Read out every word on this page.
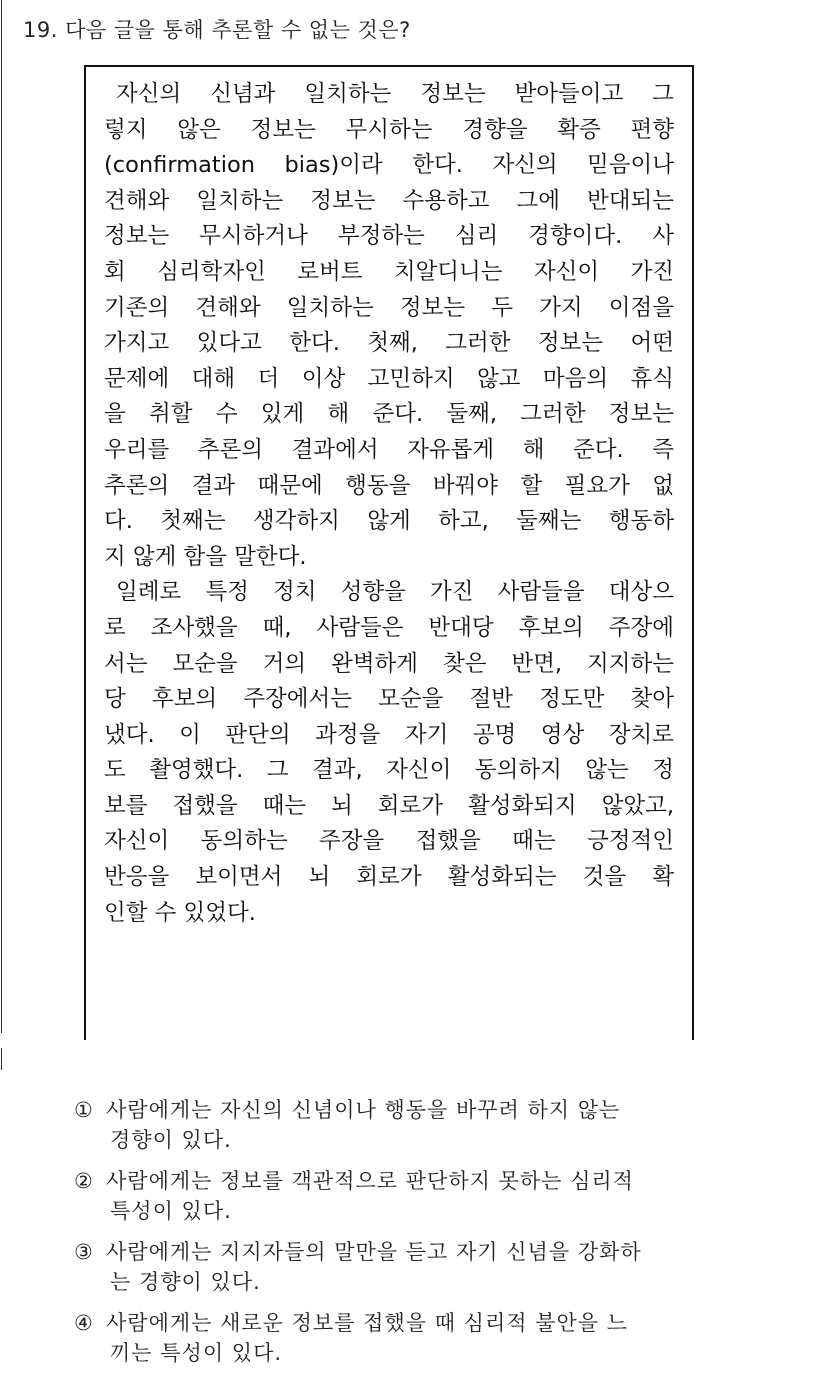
19. 다음 글을 통해 추론할 수 없는 것은?
자신의 신념과 일치하는 정보는 받아들이고 그
렇지 않은 정보는 무시하는 경향을 확증 편향
(confirmation bias)이라 한다. 자신의 믿음이나
견해와 일치하는 정보는 수용하고 그에 반대되는
정보는 무시하거나 부정하는 심리 경향이다. 사
회 심리학자인 로버트 치알디니는 자신이 가진
기존의 견해와 일치하는 정보는 두 가지 이점을
가지고 있다고 한다. 첫째, 그러한 정보는 어떤
문제에 대해 더 이상 고민하지 않고 마음의 휴식
을 취할 수 있게 해 준다. 둘째, 그러한 정보는
우리를 추론의 결과에서 자유롭게 해 준다. 즉
추론의 결과 때문에 행동을 바꿔야 할 필요가 없
다. 첫째는 생각하지 않게 하고, 둘째는 행동하
지 않게 함을 말한다.
일례로 특정 정치 성향을 가진 사람들을 대상으
로 조사했을 때, 사람들은 반대당 후보의 주장에
서는 모순을 거의 완벽하게 찾은 반면, 지지하는
당 후보의 주장에서는 모순을 절반 정도만 찾아
냈다. 이 판단의 과정을 자기 공명 영상 장치로
도 촬영했다. 그 결과, 자신이 동의하지 않는 정
보를 접했을 때는 뇌 회로가 활성화되지 않았고,
자신이 동의하는 주장을 접했을 때는 긍정적인
반응을 보이면서 뇌 회로가 활성화되는 것을 확
인할 수 있었다.
① 사람에게는 자신의 신념이나 행동을 바꾸려 하지 않는
경향이 있다.
② 사람에게는 정보를 객관적으로 판단하지 못하는 심리적
특성이 있다.
③ 사람에게는 지지자들의 말만을 듣고 자기 신념을 강화하
는 경향이 있다.
④ 사람에게는 새로운 정보를 접했을 때 심리적 불안을 느
끼는 특성이 있다.
